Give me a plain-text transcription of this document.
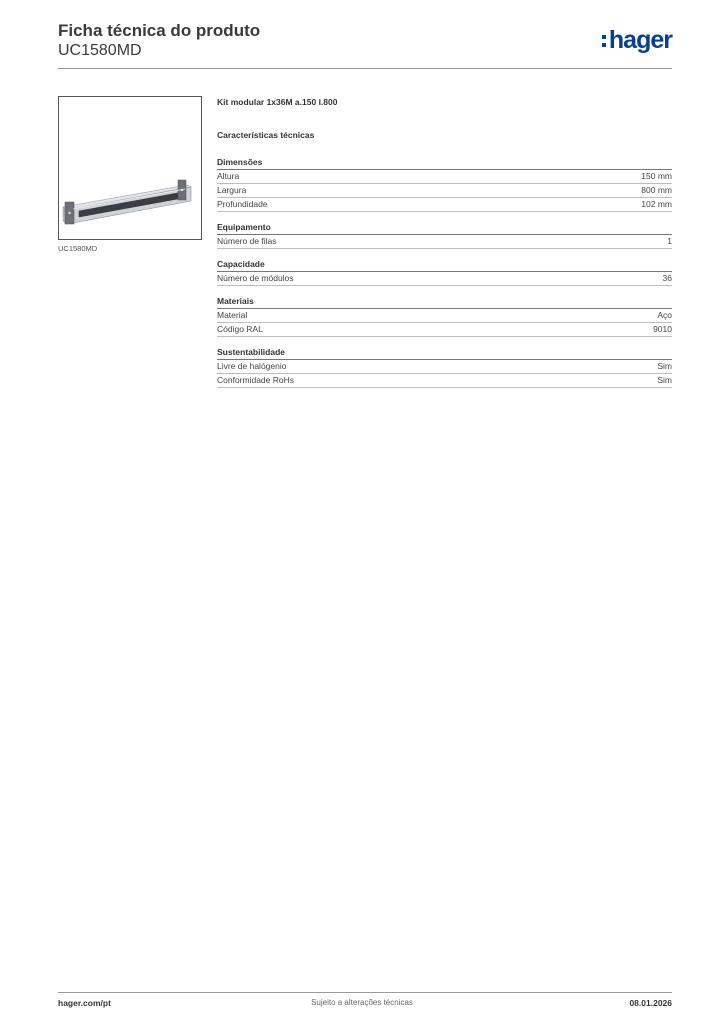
Ficha técnica do produto
UC1580MD	hager
UC1580MD
Kit modular 1x36M a.150 l.800
Características técnicas
Dimensões
Altura	150 mm
Largura	800 mm
Profundidade	102 mm
Equipamento
Número de filas	1
Capacidade
Número de módulos	36
Materiais
Material	Aço
Código RAL	9010
Sustentabilidade
Livre de halógenio	Sim
Conformidade RoHs	Sim
hager.com/pt	Sujeito a alterações técnicas	08.01.2026
